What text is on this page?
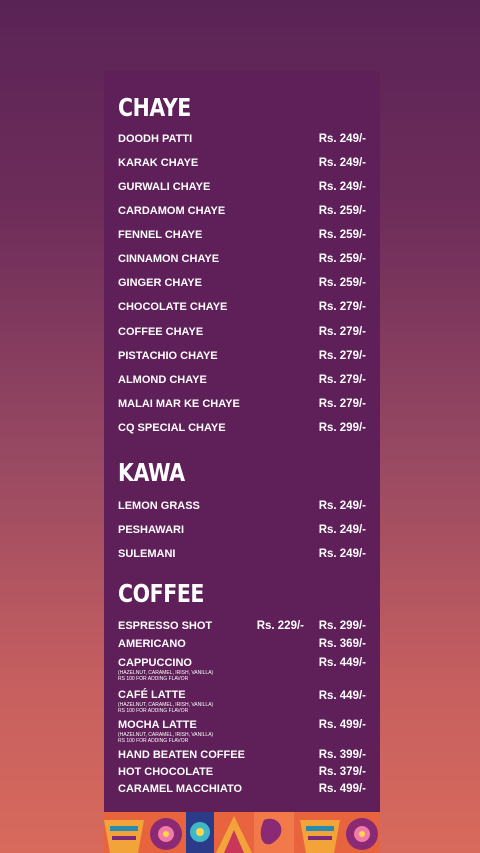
CHAYE
DOODH PATTI	Rs. 249/-
KARAK CHAYE	Rs. 249/-
GURWALI CHAYE	Rs. 249/-
CARDAMOM CHAYE	Rs. 259/-
FENNEL CHAYE	Rs. 259/-
CINNAMON CHAYE	Rs. 259/-
GINGER CHAYE	Rs. 259/-
CHOCOLATE CHAYE	Rs. 279/-
COFFEE CHAYE	Rs. 279/-
PISTACHIO CHAYE	Rs. 279/-
ALMOND CHAYE	Rs. 279/-
MALAI MAR KE CHAYE	Rs. 279/-
CQ SPECIAL CHAYE	Rs. 299/-
KAWA
LEMON GRASS	Rs. 249/-
PESHAWARI	Rs. 249/-
SULEMANI	Rs. 249/-
COFFEE
ESPRESSO SHOT	Rs. 229/- Rs. 299/-
AMERICANO	Rs. 369/-
CAPPUCCINO	Rs. 449/-
(HAZELNUT, CARAMEL, IRISH, VANILLA)
RS 100 FOR ADDING FLAVOR
CAFÉ LATTE	Rs. 449/-
(HAZELNUT, CARAMEL, IRISH, VANILLA)
RS 100 FOR ADDING FLAVOR
MOCHA LATTE	Rs. 499/-
(HAZELNUT, CARAMEL, IRISH, VANILLA)
RS 100 FOR ADDING FLAVOR
HAND BEATEN COFFEE	Rs. 399/-
HOT CHOCOLATE	Rs. 379/-
CARAMEL MACCHIATO	Rs. 499/-
